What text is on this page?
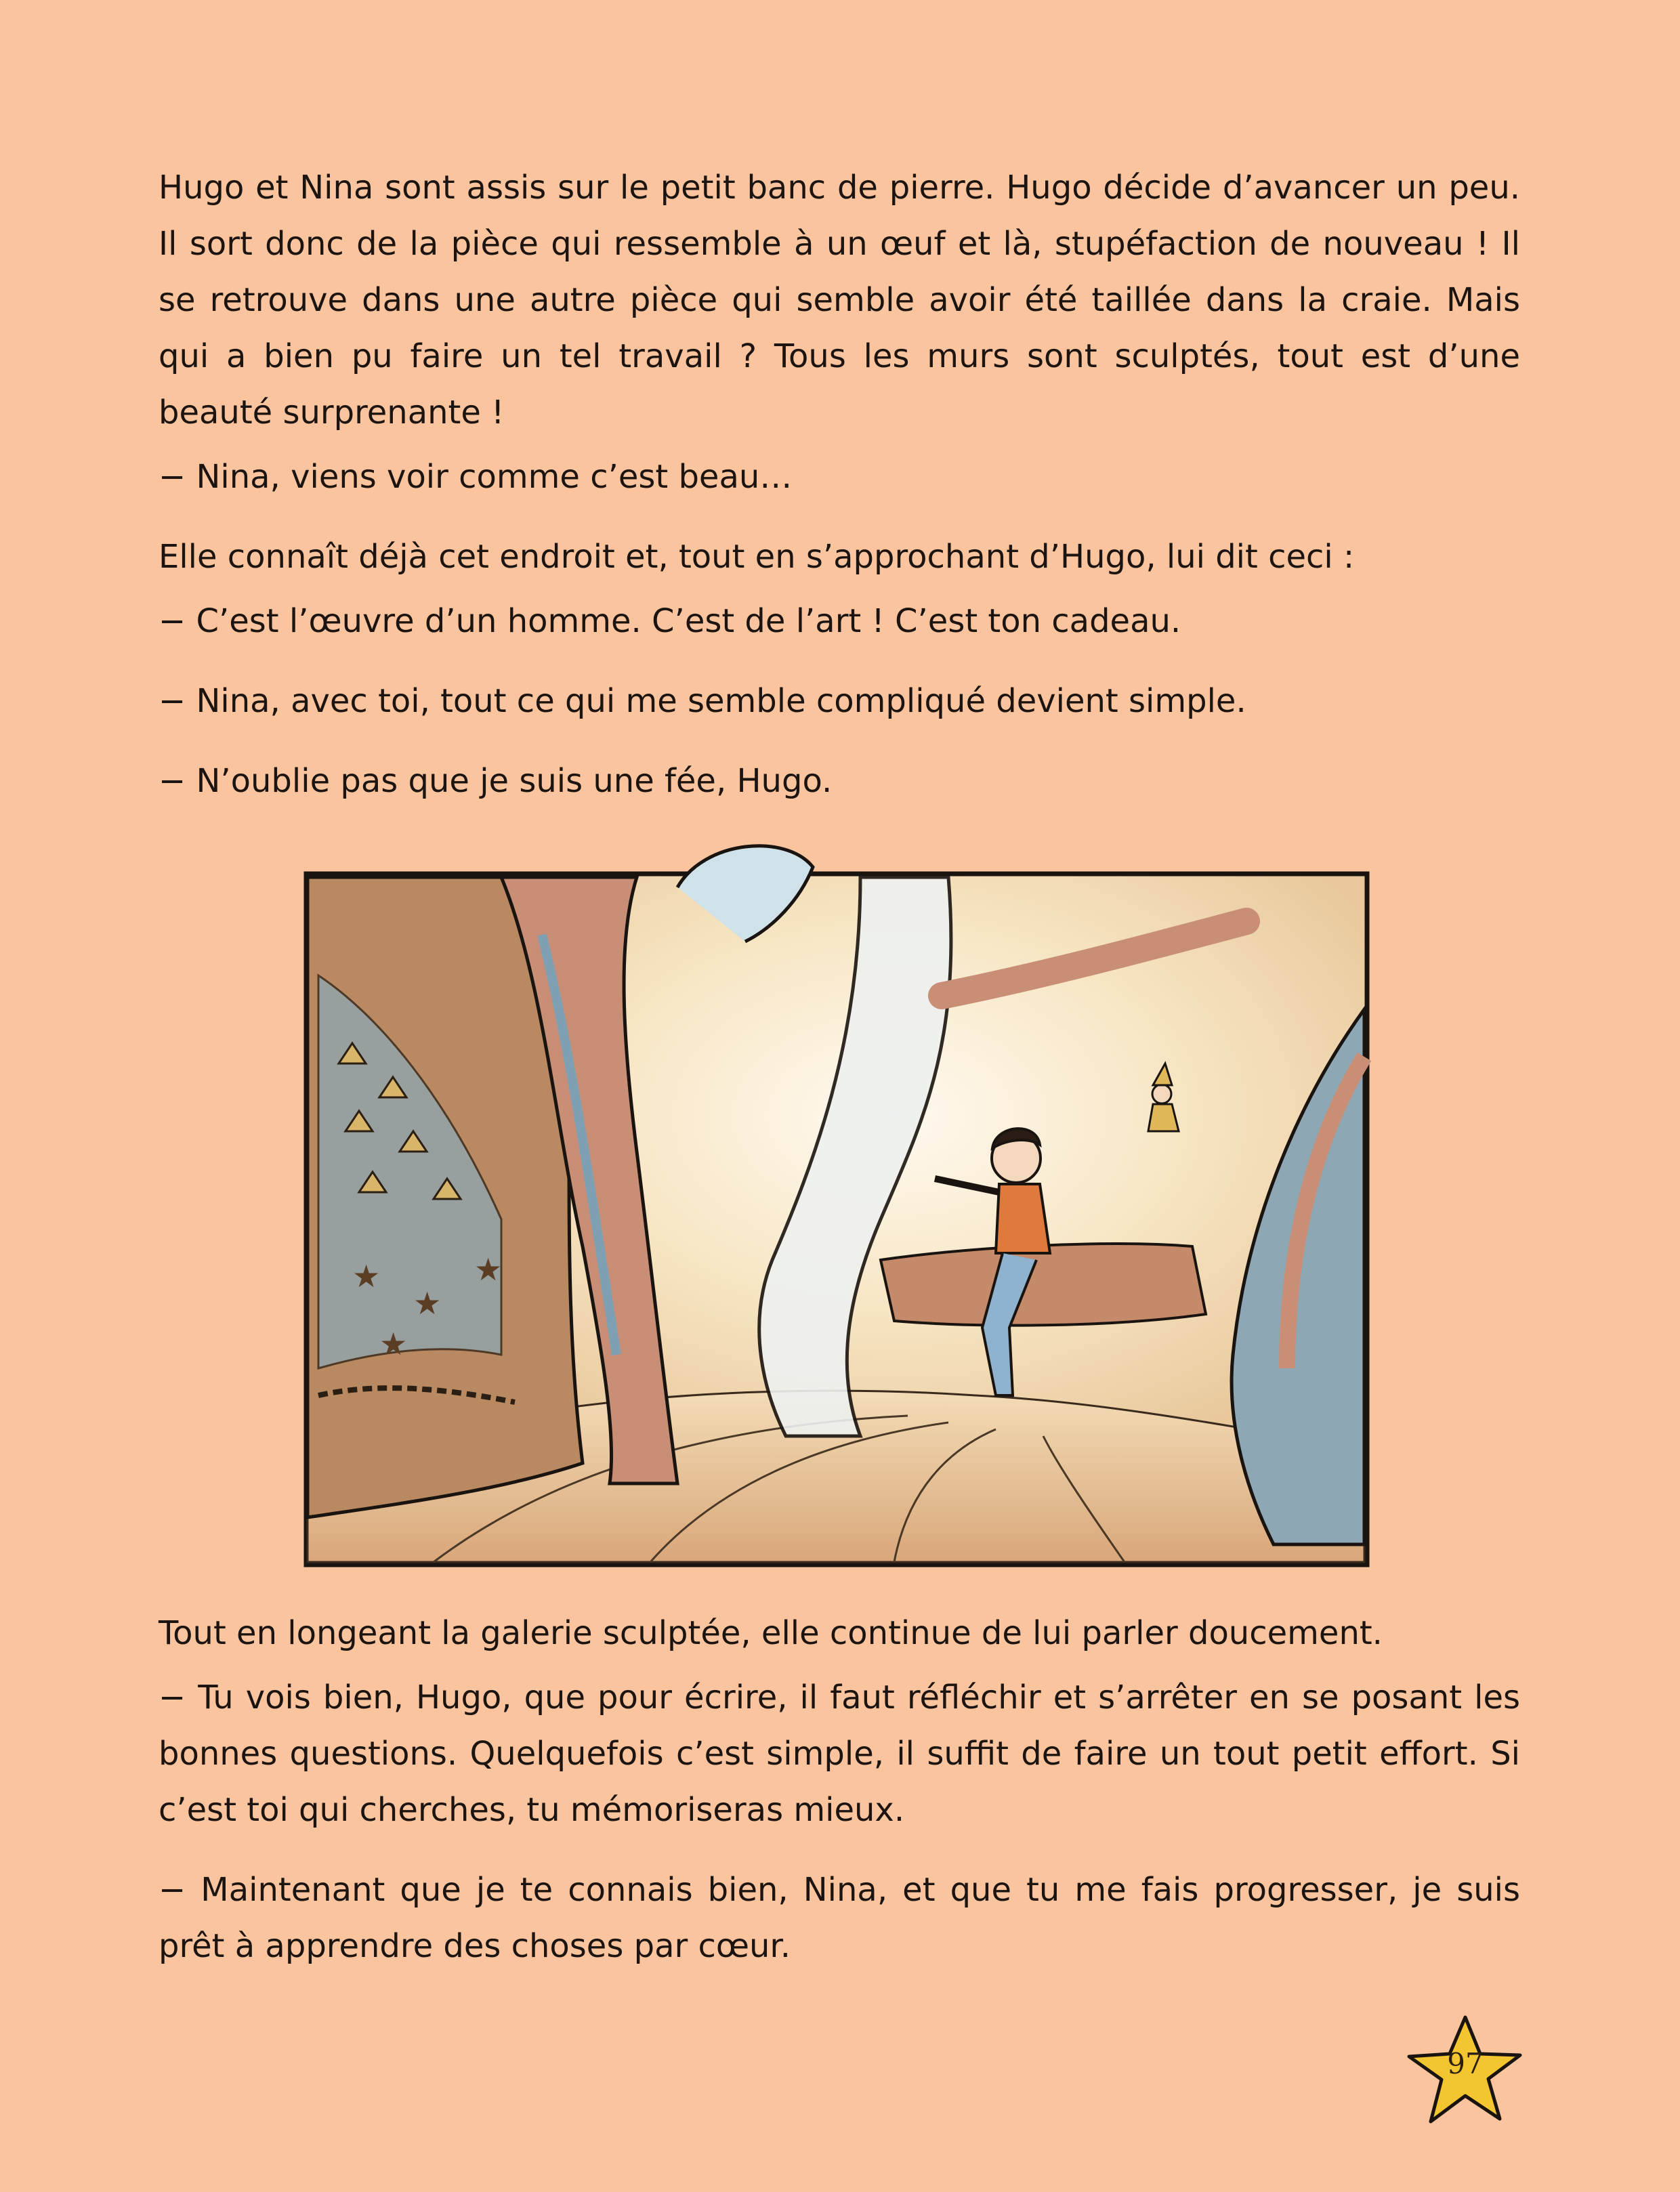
Hugo et Nina sont assis sur le petit banc de pierre. Hugo décide d’avancer un peu. Il sort donc de la pièce qui ressemble à un œuf et là, stupéfaction de nouveau ! Il se retrouve dans une autre pièce qui semble avoir été taillée dans la craie. Mais qui a bien pu faire un tel travail ? Tous les murs sont sculptés, tout est d’une beauté surprenante !

− Nina, viens voir comme c’est beau…

Elle connaît déjà cet endroit et, tout en s’approchant d’Hugo, lui dit ceci :

− C’est l’œuvre d’un homme. C’est de l’art ! C’est ton cadeau.

− Nina, avec toi, tout ce qui me semble compliqué devient simple.

− N’oublie pas que je suis une fée, Hugo.

★
★
★
★

Tout en longeant la galerie sculptée, elle continue de lui parler doucement.

− Tu vois bien, Hugo, que pour écrire, il faut réfléchir et s’arrêter en se posant les bonnes questions. Quelquefois c’est simple, il suffit de faire un tout petit effort. Si c’est toi qui cherches, tu mémoriseras mieux.

− Maintenant que je te connais bien, Nina, et que tu me fais progresser, je suis prêt à apprendre des choses par cœur.

97
